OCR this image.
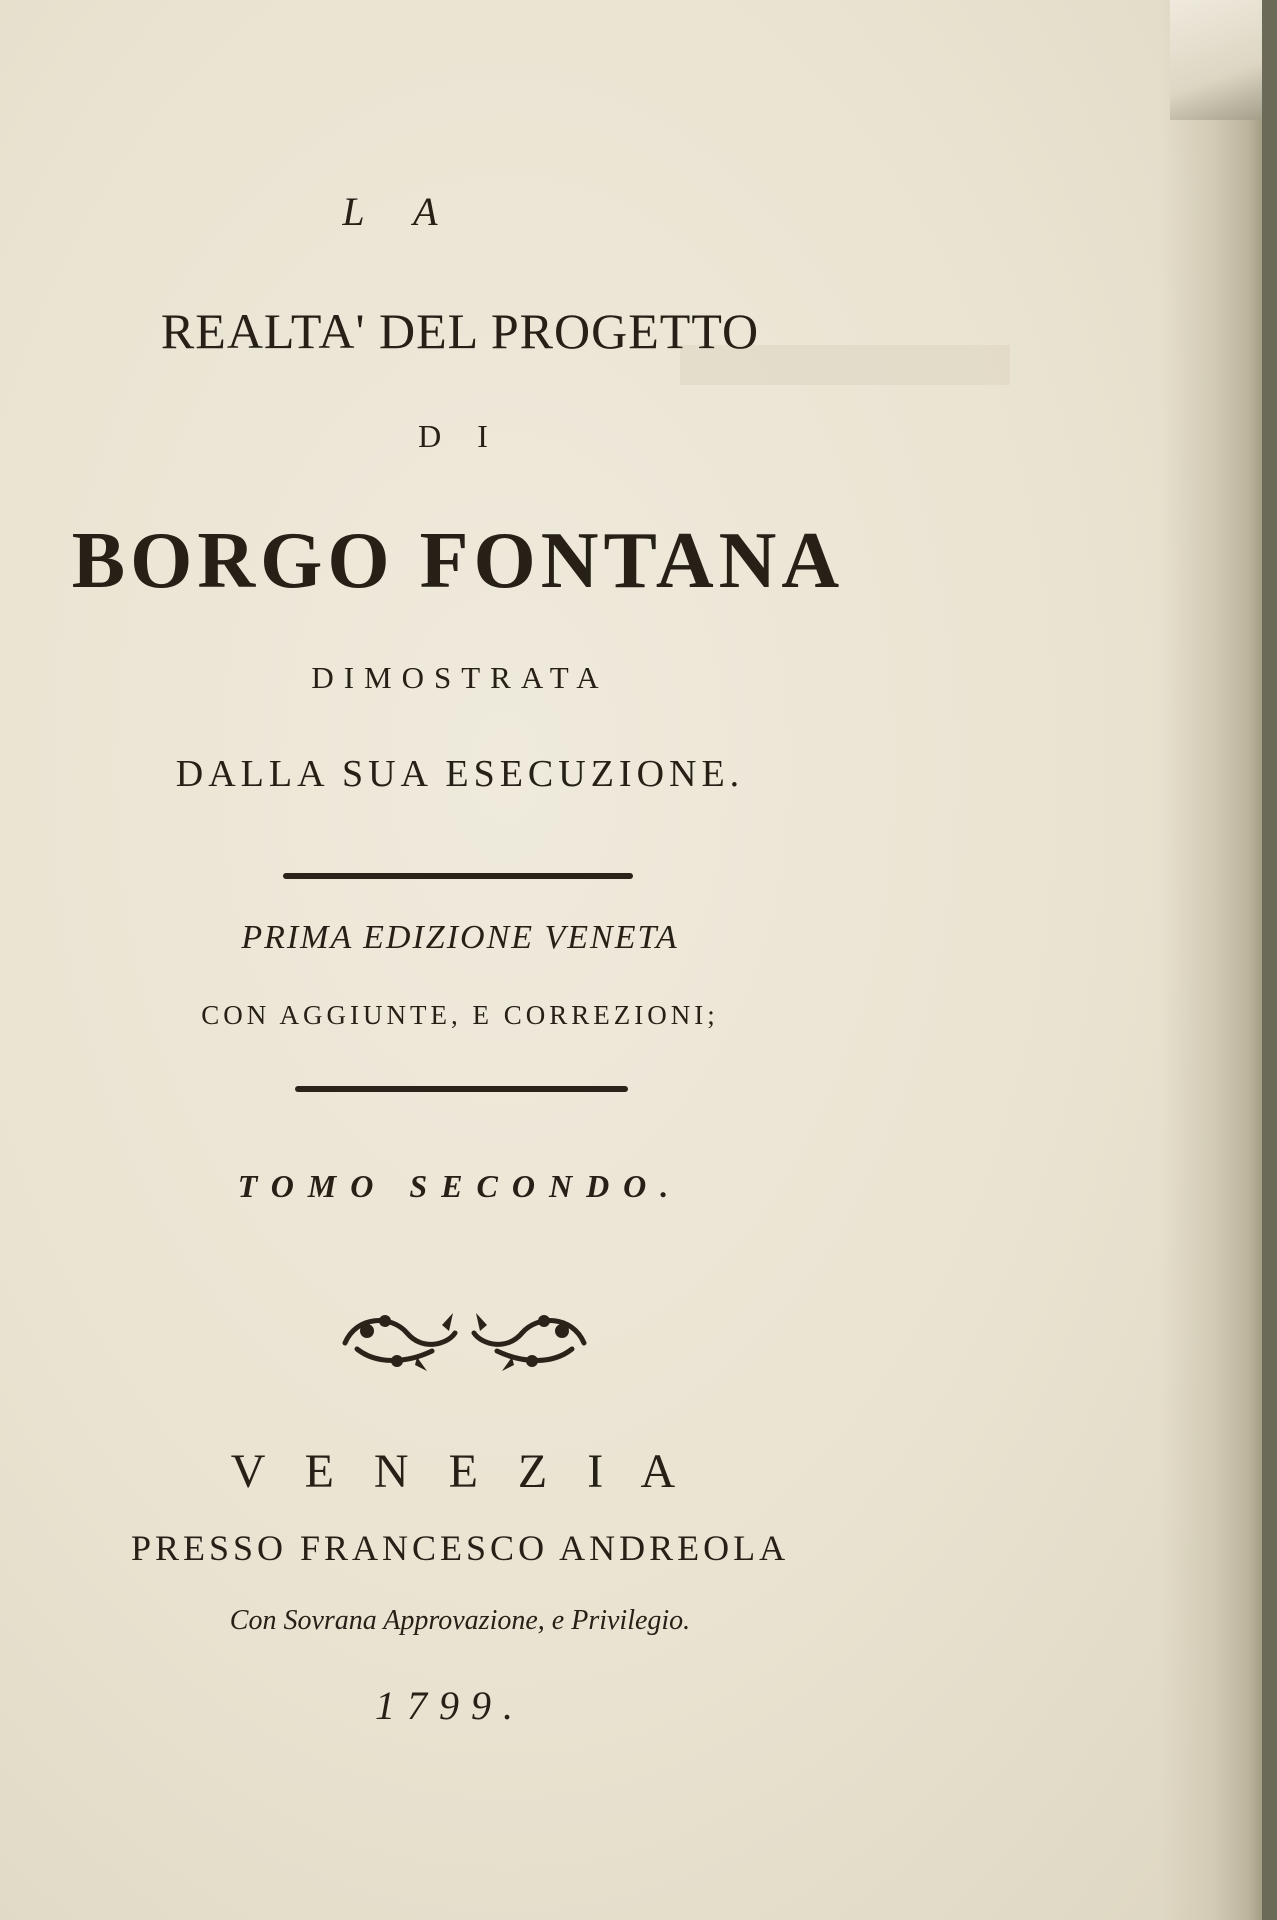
L A
REALTA' DEL PROGETTO
D I
BORGO FONTANA
DIMOSTRATA
DALLA SUA ESECUZIONE.
PRIMA EDIZIONE VENETA
CON AGGIUNTE, E CORREZIONI;
TOMO SECONDO.
V E N E Z I A
PRESSO FRANCESCO ANDREOLA
Con Sovrana Approvazione, e Privilegio.
1799.
